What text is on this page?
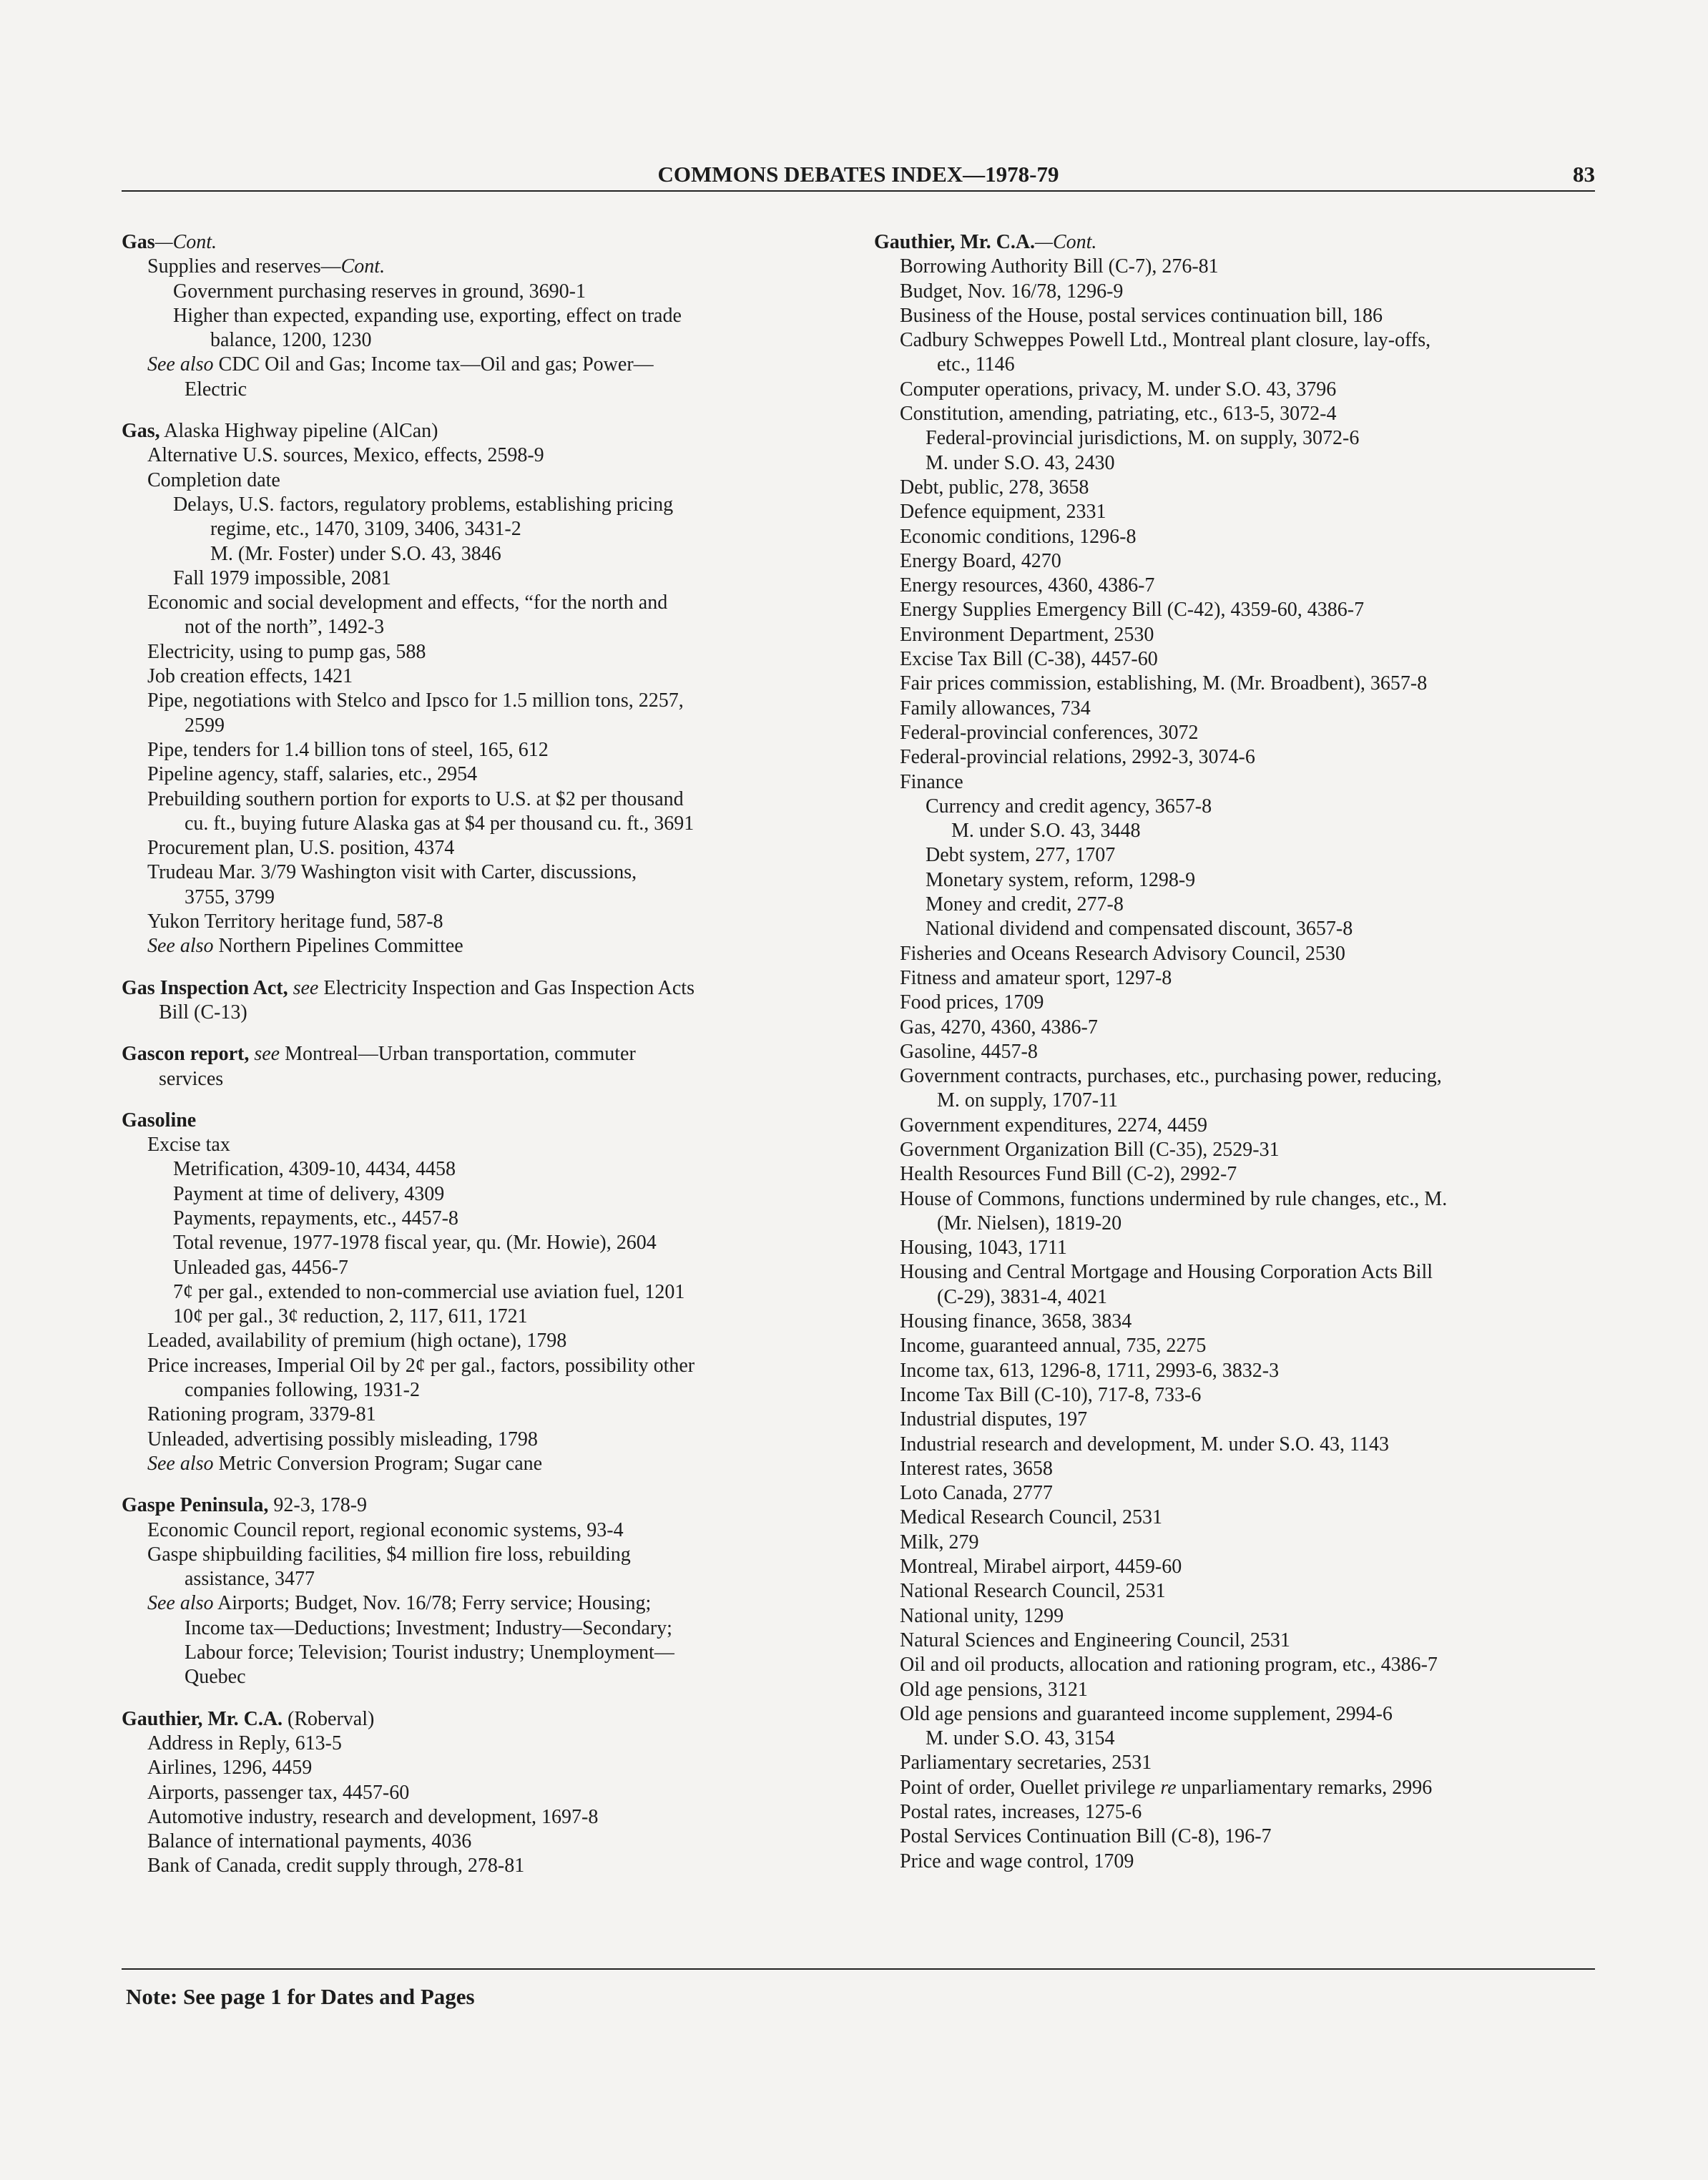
COMMONS DEBATES INDEX—1978-79	83

Gas—Cont.

Supplies and reserves—Cont.

Government purchasing reserves in ground, 3690-1

Higher than expected, expanding use, exporting, effect on trade

balance, 1200, 1230

See also CDC Oil and Gas; Income tax—Oil and gas; Power—

Electric

Gas, Alaska Highway pipeline (AlCan)

Alternative U.S. sources, Mexico, effects, 2598-9

Completion date

Delays, U.S. factors, regulatory problems, establishing pricing

regime, etc., 1470, 3109, 3406, 3431-2

M. (Mr. Foster) under S.O. 43, 3846

Fall 1979 impossible, 2081

Economic and social development and effects, “for the north and

not of the north”, 1492-3

Electricity, using to pump gas, 588

Job creation effects, 1421

Pipe, negotiations with Stelco and Ipsco for 1.5 million tons, 2257,

2599

Pipe, tenders for 1.4 billion tons of steel, 165, 612

Pipeline agency, staff, salaries, etc., 2954

Prebuilding southern portion for exports to U.S. at $2 per thousand

cu. ft., buying future Alaska gas at $4 per thousand cu. ft., 3691

Procurement plan, U.S. position, 4374

Trudeau Mar. 3/79 Washington visit with Carter, discussions,

3755, 3799

Yukon Territory heritage fund, 587-8

See also Northern Pipelines Committee

Gas Inspection Act, see Electricity Inspection and Gas Inspection Acts

Bill (C-13)

Gascon report, see Montreal—Urban transportation, commuter

services

Gasoline

Excise tax

Metrification, 4309-10, 4434, 4458

Payment at time of delivery, 4309

Payments, repayments, etc., 4457-8

Total revenue, 1977-1978 fiscal year, qu. (Mr. Howie), 2604

Unleaded gas, 4456-7

7¢ per gal., extended to non-commercial use aviation fuel, 1201

10¢ per gal., 3¢ reduction, 2, 117, 611, 1721

Leaded, availability of premium (high octane), 1798

Price increases, Imperial Oil by 2¢ per gal., factors, possibility other

companies following, 1931-2

Rationing program, 3379-81

Unleaded, advertising possibly misleading, 1798

See also Metric Conversion Program; Sugar cane

Gaspe Peninsula, 92-3, 178-9

Economic Council report, regional economic systems, 93-4

Gaspe shipbuilding facilities, $4 million fire loss, rebuilding

assistance, 3477

See also Airports; Budget, Nov. 16/78; Ferry service; Housing;

Income tax—Deductions; Investment; Industry—Secondary;

Labour force; Television; Tourist industry; Unemployment—

Quebec

Gauthier, Mr. C.A. (Roberval)

Address in Reply, 613-5

Airlines, 1296, 4459

Airports, passenger tax, 4457-60

Automotive industry, research and development, 1697-8

Balance of international payments, 4036

Bank of Canada, credit supply through, 278-81

Gauthier, Mr. C.A.—Cont.

Borrowing Authority Bill (C-7), 276-81

Budget, Nov. 16/78, 1296-9

Business of the House, postal services continuation bill, 186

Cadbury Schweppes Powell Ltd., Montreal plant closure, lay-offs,

etc., 1146

Computer operations, privacy, M. under S.O. 43, 3796

Constitution, amending, patriating, etc., 613-5, 3072-4

Federal-provincial jurisdictions, M. on supply, 3072-6

M. under S.O. 43, 2430

Debt, public, 278, 3658

Defence equipment, 2331

Economic conditions, 1296-8

Energy Board, 4270

Energy resources, 4360, 4386-7

Energy Supplies Emergency Bill (C-42), 4359-60, 4386-7

Environment Department, 2530

Excise Tax Bill (C-38), 4457-60

Fair prices commission, establishing, M. (Mr. Broadbent), 3657-8

Family allowances, 734

Federal-provincial conferences, 3072

Federal-provincial relations, 2992-3, 3074-6

Finance

Currency and credit agency, 3657-8

M. under S.O. 43, 3448

Debt system, 277, 1707

Monetary system, reform, 1298-9

Money and credit, 277-8

National dividend and compensated discount, 3657-8

Fisheries and Oceans Research Advisory Council, 2530

Fitness and amateur sport, 1297-8

Food prices, 1709

Gas, 4270, 4360, 4386-7

Gasoline, 4457-8

Government contracts, purchases, etc., purchasing power, reducing,

M. on supply, 1707-11

Government expenditures, 2274, 4459

Government Organization Bill (C-35), 2529-31

Health Resources Fund Bill (C-2), 2992-7

House of Commons, functions undermined by rule changes, etc., M.

(Mr. Nielsen), 1819-20

Housing, 1043, 1711

Housing and Central Mortgage and Housing Corporation Acts Bill

(C-29), 3831-4, 4021

Housing finance, 3658, 3834

Income, guaranteed annual, 735, 2275

Income tax, 613, 1296-8, 1711, 2993-6, 3832-3

Income Tax Bill (C-10), 717-8, 733-6

Industrial disputes, 197

Industrial research and development, M. under S.O. 43, 1143

Interest rates, 3658

Loto Canada, 2777

Medical Research Council, 2531

Milk, 279

Montreal, Mirabel airport, 4459-60

National Research Council, 2531

National unity, 1299

Natural Sciences and Engineering Council, 2531

Oil and oil products, allocation and rationing program, etc., 4386-7

Old age pensions, 3121

Old age pensions and guaranteed income supplement, 2994-6

M. under S.O. 43, 3154

Parliamentary secretaries, 2531

Point of order, Ouellet privilege re unparliamentary remarks, 2996

Postal rates, increases, 1275-6

Postal Services Continuation Bill (C-8), 196-7

Price and wage control, 1709

Note: See page 1 for Dates and Pages
